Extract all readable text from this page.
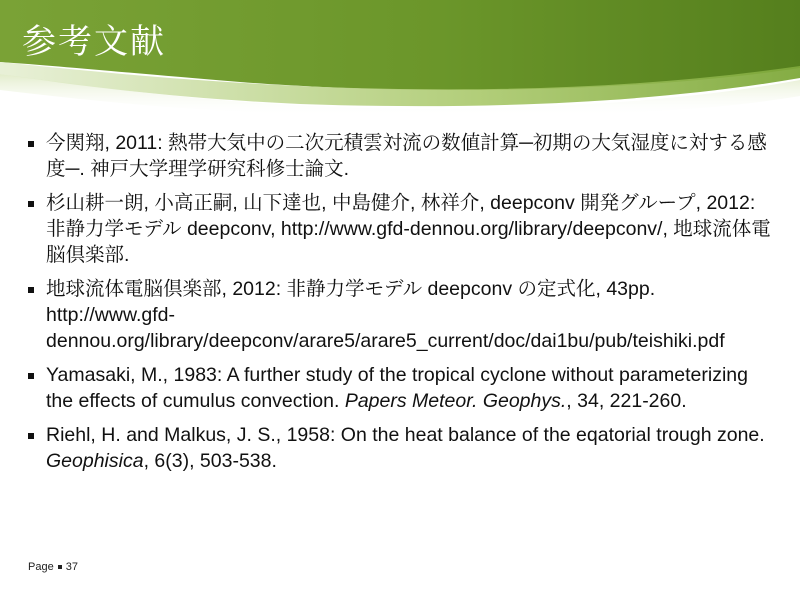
参考文献
今関翔, 2011: 熱帯大気中の二次元積雲対流の数値計算─初期の大気湿度に対する感度─. 神戸大学理学研究科修士論文.
杉山耕一朗, 小高正嗣, 山下達也, 中島健介, 林祥介, deepconv 開発グループ, 2012: 非静力学モデル deepconv, http://www.gfd-dennou.org/library/deepconv/, 地球流体電脳倶楽部.
地球流体電脳倶楽部, 2012: 非静力学モデル deepconv の定式化, 43pp. http://www.gfd-dennou.org/library/deepconv/arare5/arare5_current/doc/dai1bu/pub/teishiki.pdf
Yamasaki, M., 1983: A further study of the tropical cyclone without parameterizing the effects of cumulus convection. Papers Meteor. Geophys., 34, 221-260.
Riehl, H. and Malkus, J. S., 1958: On the heat balance of the eqatorial trough zone. Geophisica, 6(3), 503-538.
Page 37
